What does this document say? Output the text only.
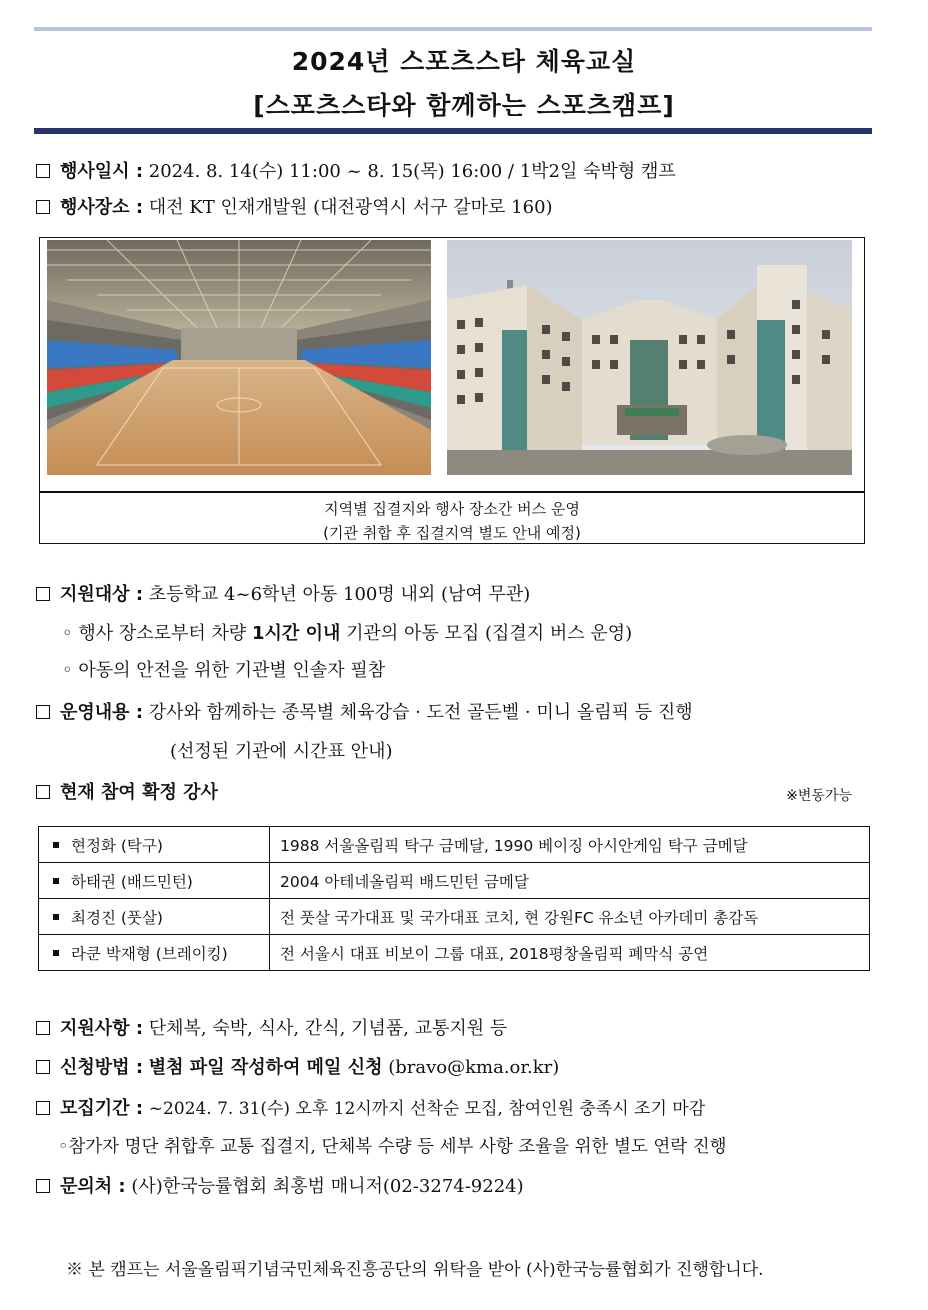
2024년 스포츠스타 체육교실
[스포츠스타와 함께하는 스포츠캠프]
행사일시 : 2024. 8. 14(수) 11:00 ~ 8. 15(목) 16:00 / 1박2일 숙박형 캠프
행사장소 : 대전 KT 인재개발원 (대전광역시 서구 갈마로 160)
지역별 집결지와 행사 장소간 버스 운영
(기관 취합 후 집결지역 별도 안내 예정)
지원대상 : 초등학교 4~6학년 아동 100명 내외 (남여 무관)
◦ 행사 장소로부터 차량 1시간 이내 기관의 아동 모집 (집결지 버스 운영)
◦ 아동의 안전을 위한 기관별 인솔자 필참
운영내용 : 강사와 함께하는 종목별 체육강습 · 도전 골든벨 · 미니 올림픽 등 진행
(선정된 기관에 시간표 안내)
현재 참여 확정 강사	※변동가능
현정화 (탁구)	1988 서울올림픽 탁구 금메달, 1990 베이징 아시안게임 탁구 금메달
하태권 (배드민턴)	2004 아테네올림픽 배드민턴 금메달
최경진 (풋살)	전 풋살 국가대표 및 국가대표 코치, 현 강원FC 유소년 아카데미 총감독
라쿤 박재형 (브레이킹)	전 서울시 대표 비보이 그룹 대표, 2018평창올림픽 폐막식 공연
지원사항 : 단체복, 숙박, 식사, 간식, 기념품, 교통지원 등
신청방법 : 별첨 파일 작성하여 메일 신청 (bravo@kma.or.kr)
모집기간 : ~2024. 7. 31(수) 오후 12시까지 선착순 모집, 참여인원 충족시 조기 마감
◦참가자 명단 취합후 교통 집결지, 단체복 수량 등 세부 사항 조율을 위한 별도 연락 진행
문의처 : (사)한국능률협회 최홍범 매니저(02-3274-9224)
※ 본 캠프는 서울올림픽기념국민체육진흥공단의 위탁을 받아 (사)한국능률협회가 진행합니다.
